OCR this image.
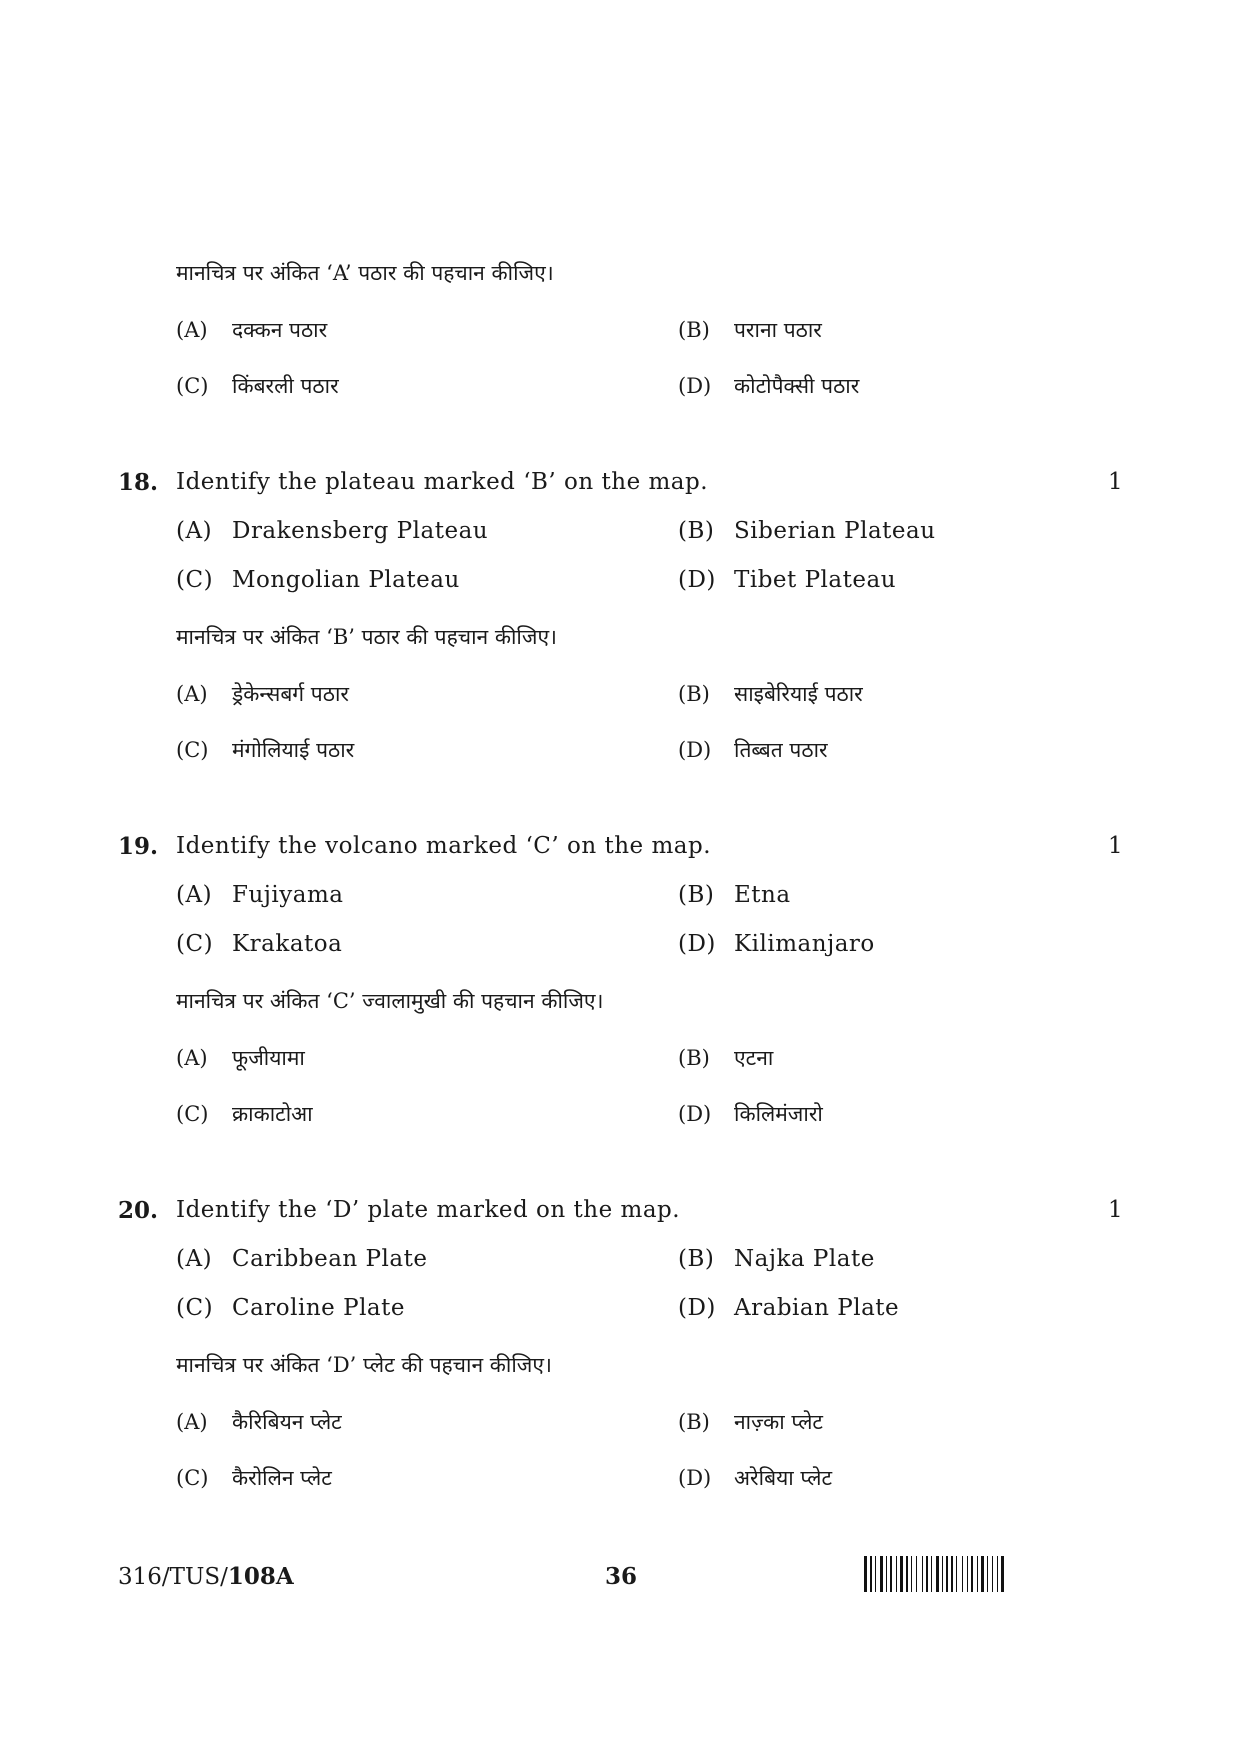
मानचित्र पर अंकित ‘A’ पठार की पहचान कीजिए।
(A) दक्कन पठार	(B) पराना पठार
(C) किंबरली पठार	(D) कोटोपैक्सी पठार
18. Identify the plateau marked ‘B’ on the map.	1
(A) Drakensberg Plateau	(B) Siberian Plateau
(C) Mongolian Plateau	(D) Tibet Plateau
मानचित्र पर अंकित ‘B’ पठार की पहचान कीजिए।
(A) ड्रेकेन्सबर्ग पठार	(B) साइबेरियाई पठार
(C) मंगोलियाई पठार	(D) तिब्बत पठार
19. Identify the volcano marked ‘C’ on the map.	1
(A) Fujiyama	(B) Etna
(C) Krakatoa	(D) Kilimanjaro
मानचित्र पर अंकित ‘C’ ज्वालामुखी की पहचान कीजिए।
(A) फूजीयामा	(B) एटना
(C) क्राकाटोआ	(D) किलिमंजारो
20. Identify the ‘D’ plate marked on the map.	1
(A) Caribbean Plate	(B) Najka Plate
(C) Caroline Plate	(D) Arabian Plate
मानचित्र पर अंकित ‘D’ प्लेट की पहचान कीजिए।
(A) कैरिबियन प्लेट	(B) नाज़्का प्लेट
(C) कैरोलिन प्लेट	(D) अरेबिया प्लेट
316/TUS/108A	36
